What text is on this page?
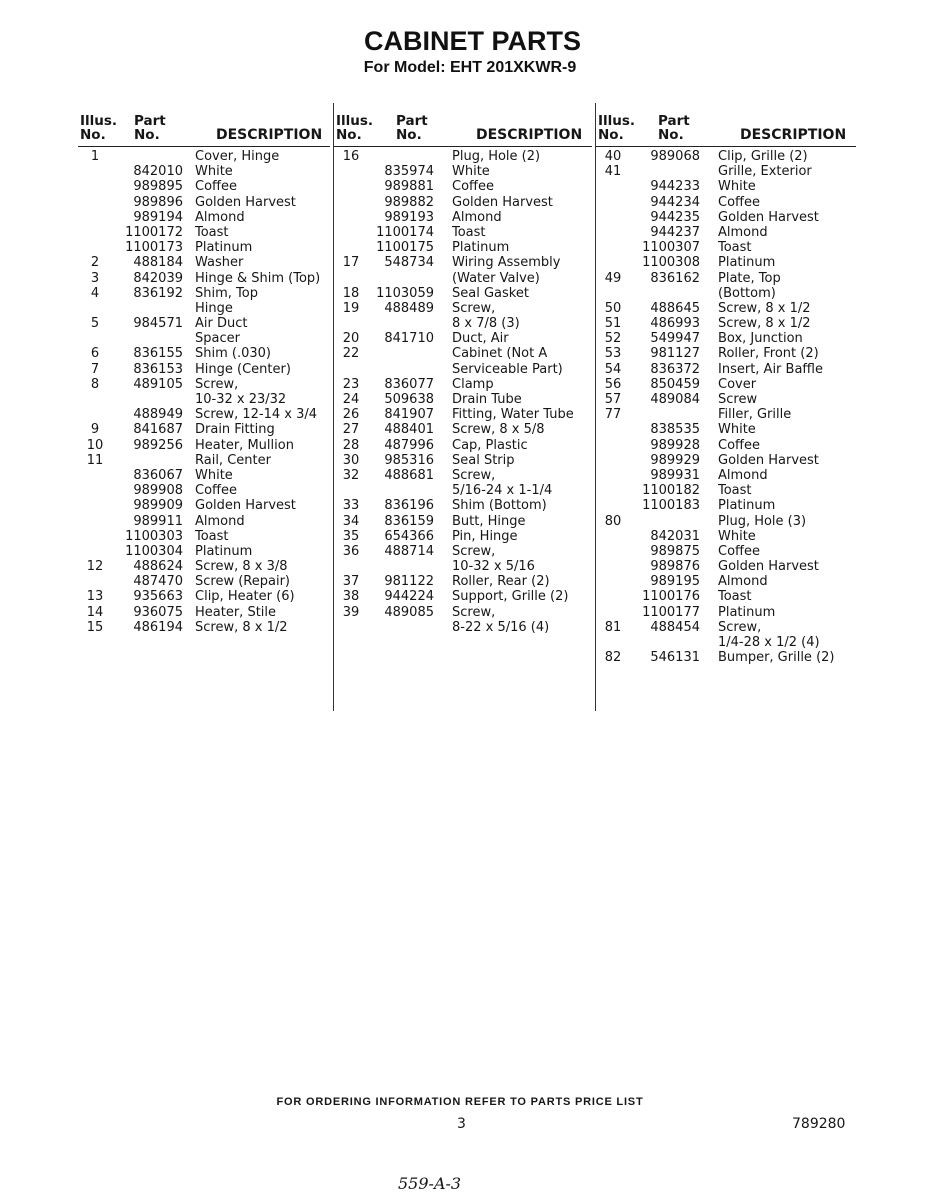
CABINET PARTS
For Model: EHT 201XKWR-9
Illus.
No.
Part
No.	DESCRIPTION
1	Cover, Hinge
842010 White
989895 Coffee
989896 Golden Harvest
989194 Almond
1100172 Toast
1100173 Platinum
2	488184 Washer
3	842039 Hinge & Shim (Top)
4	836192 Shim, Top
Hinge
5	984571 Air Duct
Spacer
6	836155 Shim (.030)
7	836153 Hinge (Center)
8	489105 Screw,
10-32 x 23/32
488949 Screw, 12-14 x 3/4
9	841687 Drain Fitting
10	989256 Heater, Mullion
11	Rail, Center
836067 White
989908 Coffee
989909 Golden Harvest
989911 Almond
1100303 Toast
1100304 Platinum
12	488624 Screw, 8 x 3/8
487470 Screw (Repair)
13	935663 Clip, Heater (6)
14	936075 Heater, Stile
15	486194 Screw, 8 x 1/2
Illus.
No.
Part
No.	DESCRIPTION
16	Plug, Hole (2)
835974 White
989881 Coffee
989882 Golden Harvest
989193 Almond
1100174 Toast
1100175 Platinum
17	548734 Wiring Assembly
(Water Valve)
18	1103059 Seal Gasket
19	488489 Screw,
8 x 7/8 (3)
20	841710 Duct, Air
22	Cabinet (Not A
Serviceable Part)
23	836077 Clamp
24	509638 Drain Tube
26	841907 Fitting, Water Tube
27	488401 Screw, 8 x 5/8
28	487996 Cap, Plastic
30	985316 Seal Strip
32	488681 Screw,
5/16-24 x 1-1/4
33	836196 Shim (Bottom)
34	836159 Butt, Hinge
35	654366 Pin, Hinge
36	488714 Screw,
10-32 x 5/16
37	981122 Roller, Rear (2)
38	944224 Support, Grille (2)
39	489085 Screw,
8-22 x 5/16 (4)
Illus.
No.
Part
No.	DESCRIPTION
40	989068 Clip, Grille (2)
41	Grille, Exterior
944233 White
944234 Coffee
944235 Golden Harvest
944237 Almond
1100307 Toast
1100308 Platinum
49	836162 Plate, Top
(Bottom)
50	488645 Screw, 8 x 1/2
51	486993 Screw, 8 x 1/2
52	549947 Box, Junction
53	981127 Roller, Front (2)
54	836372 Insert, Air Baffle
56	850459 Cover
57	489084 Screw
77	Filler, Grille
838535 White
989928 Coffee
989929 Golden Harvest
989931 Almond
1100182 Toast
1100183 Platinum
80	Plug, Hole (3)
842031 White
989875 Coffee
989876 Golden Harvest
989195 Almond
1100176 Toast
1100177 Platinum
81	488454 Screw,
1/4-28 x 1/2 (4)
82	546131 Bumper, Grille (2)
FOR ORDERING INFORMATION REFER TO PARTS PRICE LIST
3	789280
559-A-3
